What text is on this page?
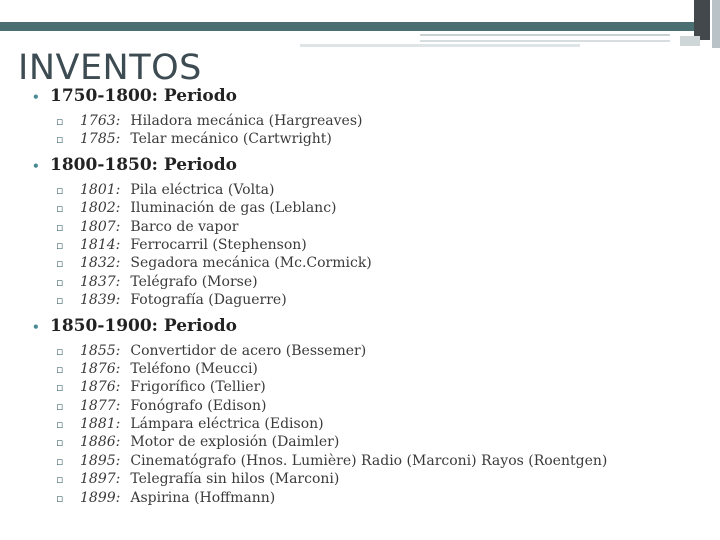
INVENTOS
• 1750-1800: Periodo
▫	1763: Hiladora mecánica (Hargreaves)
▫	1785: Telar mecánico (Cartwright)
• 1800-1850: Periodo
▫	1801: Pila eléctrica (Volta)
▫	1802: Iluminación de gas (Leblanc)
▫	1807: Barco de vapor
▫	1814: Ferrocarril (Stephenson)
▫	1832: Segadora mecánica (Mc.Cormick)
▫	1837: Telégrafo (Morse)
▫	1839: Fotografía (Daguerre)
• 1850-1900: Periodo
▫	1855: Convertidor de acero (Bessemer)
▫	1876: Teléfono (Meucci)
▫	1876: Frigorífico (Tellier)
▫	1877: Fonógrafo (Edison)
▫	1881: Lámpara eléctrica (Edison)
▫	1886: Motor de explosión (Daimler)
▫	1895: Cinematógrafo (Hnos. Lumière) Radio (Marconi) Rayos (Roentgen)
▫	1897: Telegrafía sin hilos (Marconi)
▫	1899: Aspirina (Hoffmann)
